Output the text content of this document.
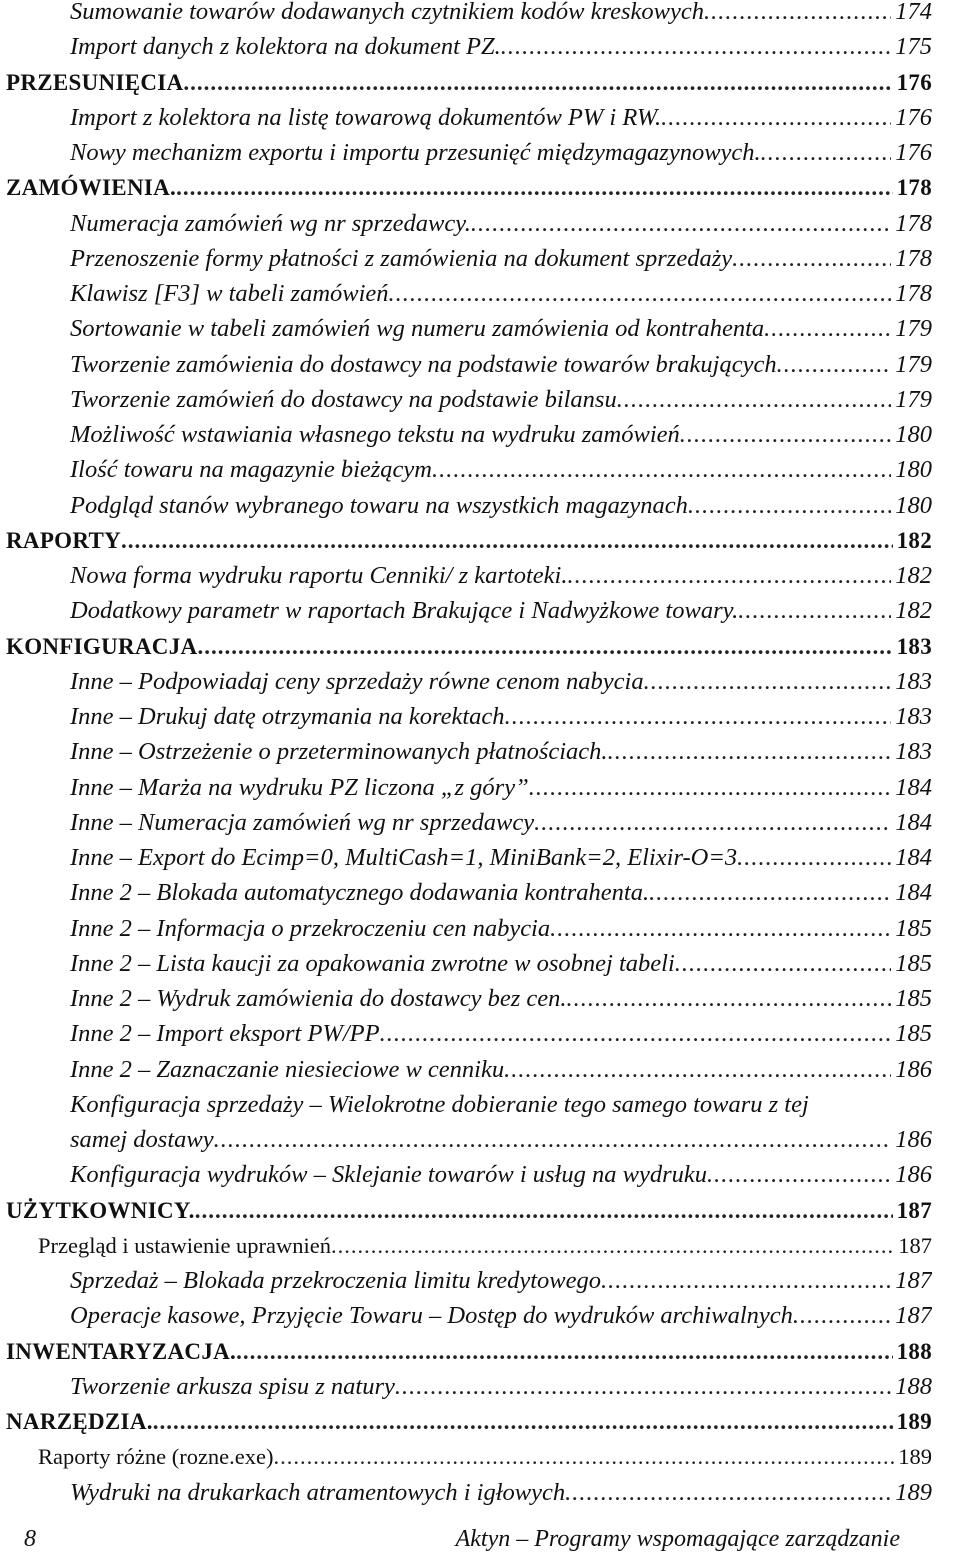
Sumowanie towarów dodawanych czytnikiem kodów kreskowych .....	174
Import danych z kolektora na dokument PZ. .....	175
PRZESUNIĘCIA .....	176
Import z kolektora na listę towarową dokumentów PW i RW. .....	176
Nowy mechanizm exportu i importu przesunięć międzymagazynowych. .....	176
ZAMÓWIENIA. .....	178
Numeracja zamówień wg nr sprzedawcy. .....	178
Przenoszenie formy płatności z zamówienia na dokument sprzedaży .....	178
Klawisz [F3] w tabeli zamówień .....	178
Sortowanie w tabeli zamówień wg numeru zamówienia od kontrahenta .....	179
Tworzenie zamówienia do dostawcy na podstawie towarów brakujących .....	179
Tworzenie zamówień do dostawcy na podstawie bilansu .....	179
Możliwość wstawiania własnego tekstu na wydruku zamówień .....	180
Ilość towaru na magazynie bieżącym .....	180
Podgląd stanów wybranego towaru na wszystkich magazynach .....	180
RAPORTY .....	182
Nowa forma wydruku raportu Cenniki/ z kartoteki. .....	182
Dodatkowy parametr w raportach Brakujące i Nadwyżkowe towary. .....	182
KONFIGURACJA .....	183
Inne – Podpowiadaj ceny sprzedaży równe cenom nabycia .....	183
Inne – Drukuj datę otrzymania na korektach .....	183
Inne – Ostrzeżenie o przeterminowanych płatnościach. .....	183
Inne – Marża na wydruku PZ liczona „z góry” .....	184
Inne – Numeracja zamówień wg nr sprzedawcy .....	184
Inne – Export do Ecimp=0, MultiCash=1, MiniBank=2, Elixir-O=3 .....	184
Inne 2 – Blokada automatycznego dodawania kontrahenta. .....	184
Inne 2 – Informacja o przekroczeniu cen nabycia .....	185
Inne 2 – Lista kaucji za opakowania zwrotne w osobnej tabeli .....	185
Inne 2 – Wydruk zamówienia do dostawcy bez cen. .....	185
Inne 2 – Import eksport PW/PP .....	185
Inne 2 – Zaznaczanie niesieciowe w cenniku .....	186
Konfiguracja sprzedaży – Wielokrotne dobieranie tego samego towaru z tej
samej dostawy .....	186
Konfiguracja wydruków – Sklejanie towarów i usług na wydruku .....	186
UŻYTKOWNICY. .....	187
Przegląd i ustawienie uprawnień .....	187
Sprzedaż – Blokada przekroczenia limitu kredytowego .....	187
Operacje kasowe, Przyjęcie Towaru – Dostęp do wydruków archiwalnych .....	187
INWENTARYZACJA. .....	188
Tworzenie arkusza spisu z natury .....	188
NARZĘDZIA. .....	189
Raporty różne (rozne.exe) .....	189
Wydruki na drukarkach atramentowych i igłowych .....	189
8	Aktyn – Programy wspomagające zarządzanie
